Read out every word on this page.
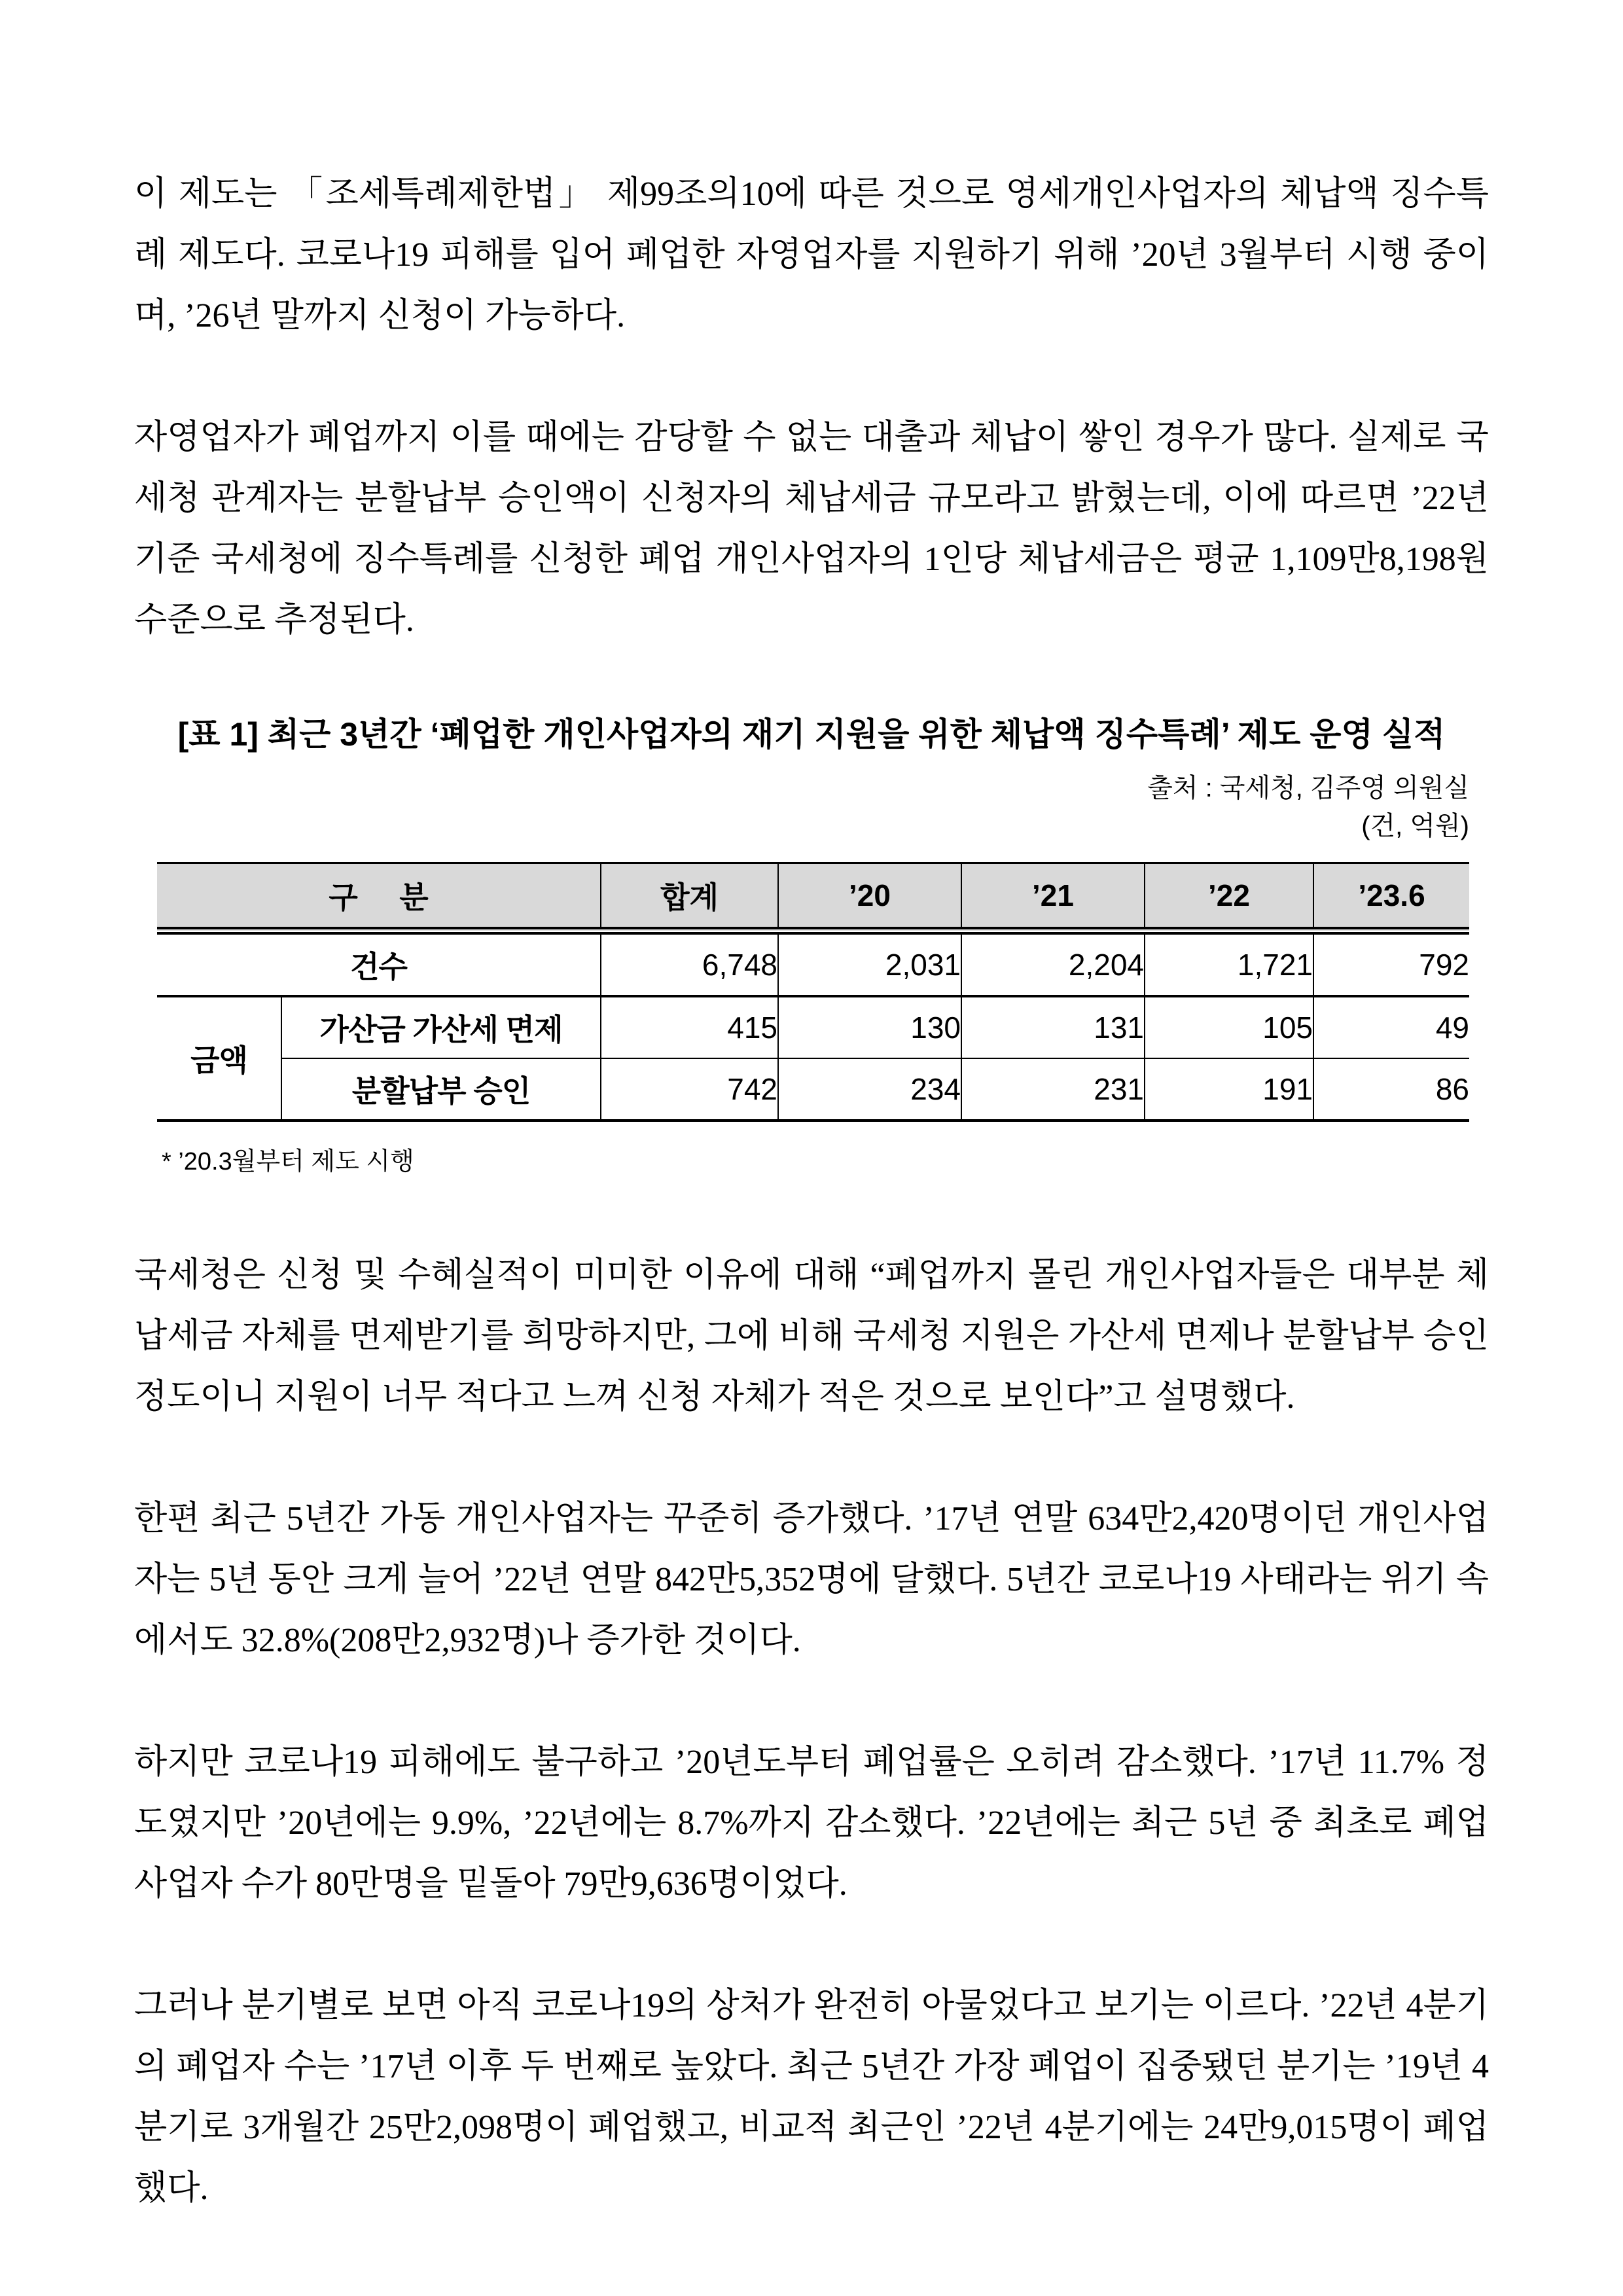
이 제도는 「조세특례제한법」 제99조의10에 따른 것으로 영세개인사업자의 체납액 징수특례 제도다. 코로나19 피해를 입어 폐업한 자영업자를 지원하기 위해 ’20년 3월부터 시행 중이며, ’26년 말까지 신청이 가능하다.

자영업자가 폐업까지 이를 때에는 감당할 수 없는 대출과 체납이 쌓인 경우가 많다. 실제로 국세청 관계자는 분할납부 승인액이 신청자의 체납세금 규모라고 밝혔는데, 이에 따르면 ’22년 기준 국세청에 징수특례를 신청한 폐업 개인사업자의 1인당 체납세금은 평균 1,109만8,198원 수준으로 추정된다.

[표 1] 최근 3년간 ‘폐업한 개인사업자의 재기 지원을 위한 체납액 징수특례’ 제도 운영 실적
출처 : 국세청, 김주영 의원실
(건, 억원)
구 분		합계	’20	’21	’22	’23.6
건수		6,748	2,031	2,204	1,721	792
금액	가산금 가산세 면제	415	130	131	105	49
	분할납부 승인	742	234	231	191	86
* ’20.3월부터 제도 시행

국세청은 신청 및 수혜실적이 미미한 이유에 대해 “폐업까지 몰린 개인사업자들은 대부분 체납세금 자체를 면제받기를 희망하지만, 그에 비해 국세청 지원은 가산세 면제나 분할납부 승인 정도이니 지원이 너무 적다고 느껴 신청 자체가 적은 것으로 보인다”고 설명했다.

한편 최근 5년간 가동 개인사업자는 꾸준히 증가했다. ’17년 연말 634만2,420명이던 개인사업자는 5년 동안 크게 늘어 ’22년 연말 842만5,352명에 달했다. 5년간 코로나19 사태라는 위기 속에서도 32.8%(208만2,932명)나 증가한 것이다.

하지만 코로나19 피해에도 불구하고 ’20년도부터 폐업률은 오히려 감소했다. ’17년 11.7% 정도였지만 ’20년에는 9.9%, ’22년에는 8.7%까지 감소했다. ’22년에는 최근 5년 중 최초로 폐업사업자 수가 80만명을 밑돌아 79만9,636명이었다.

그러나 분기별로 보면 아직 코로나19의 상처가 완전히 아물었다고 보기는 이르다. ’22년 4분기의 폐업자 수는 ’17년 이후 두 번째로 높았다. 최근 5년간 가장 폐업이 집중됐던 분기는 ’19년 4분기로 3개월간 25만2,098명이 폐업했고, 비교적 최근인 ’22년 4분기에는 24만9,015명이 폐업했다.
